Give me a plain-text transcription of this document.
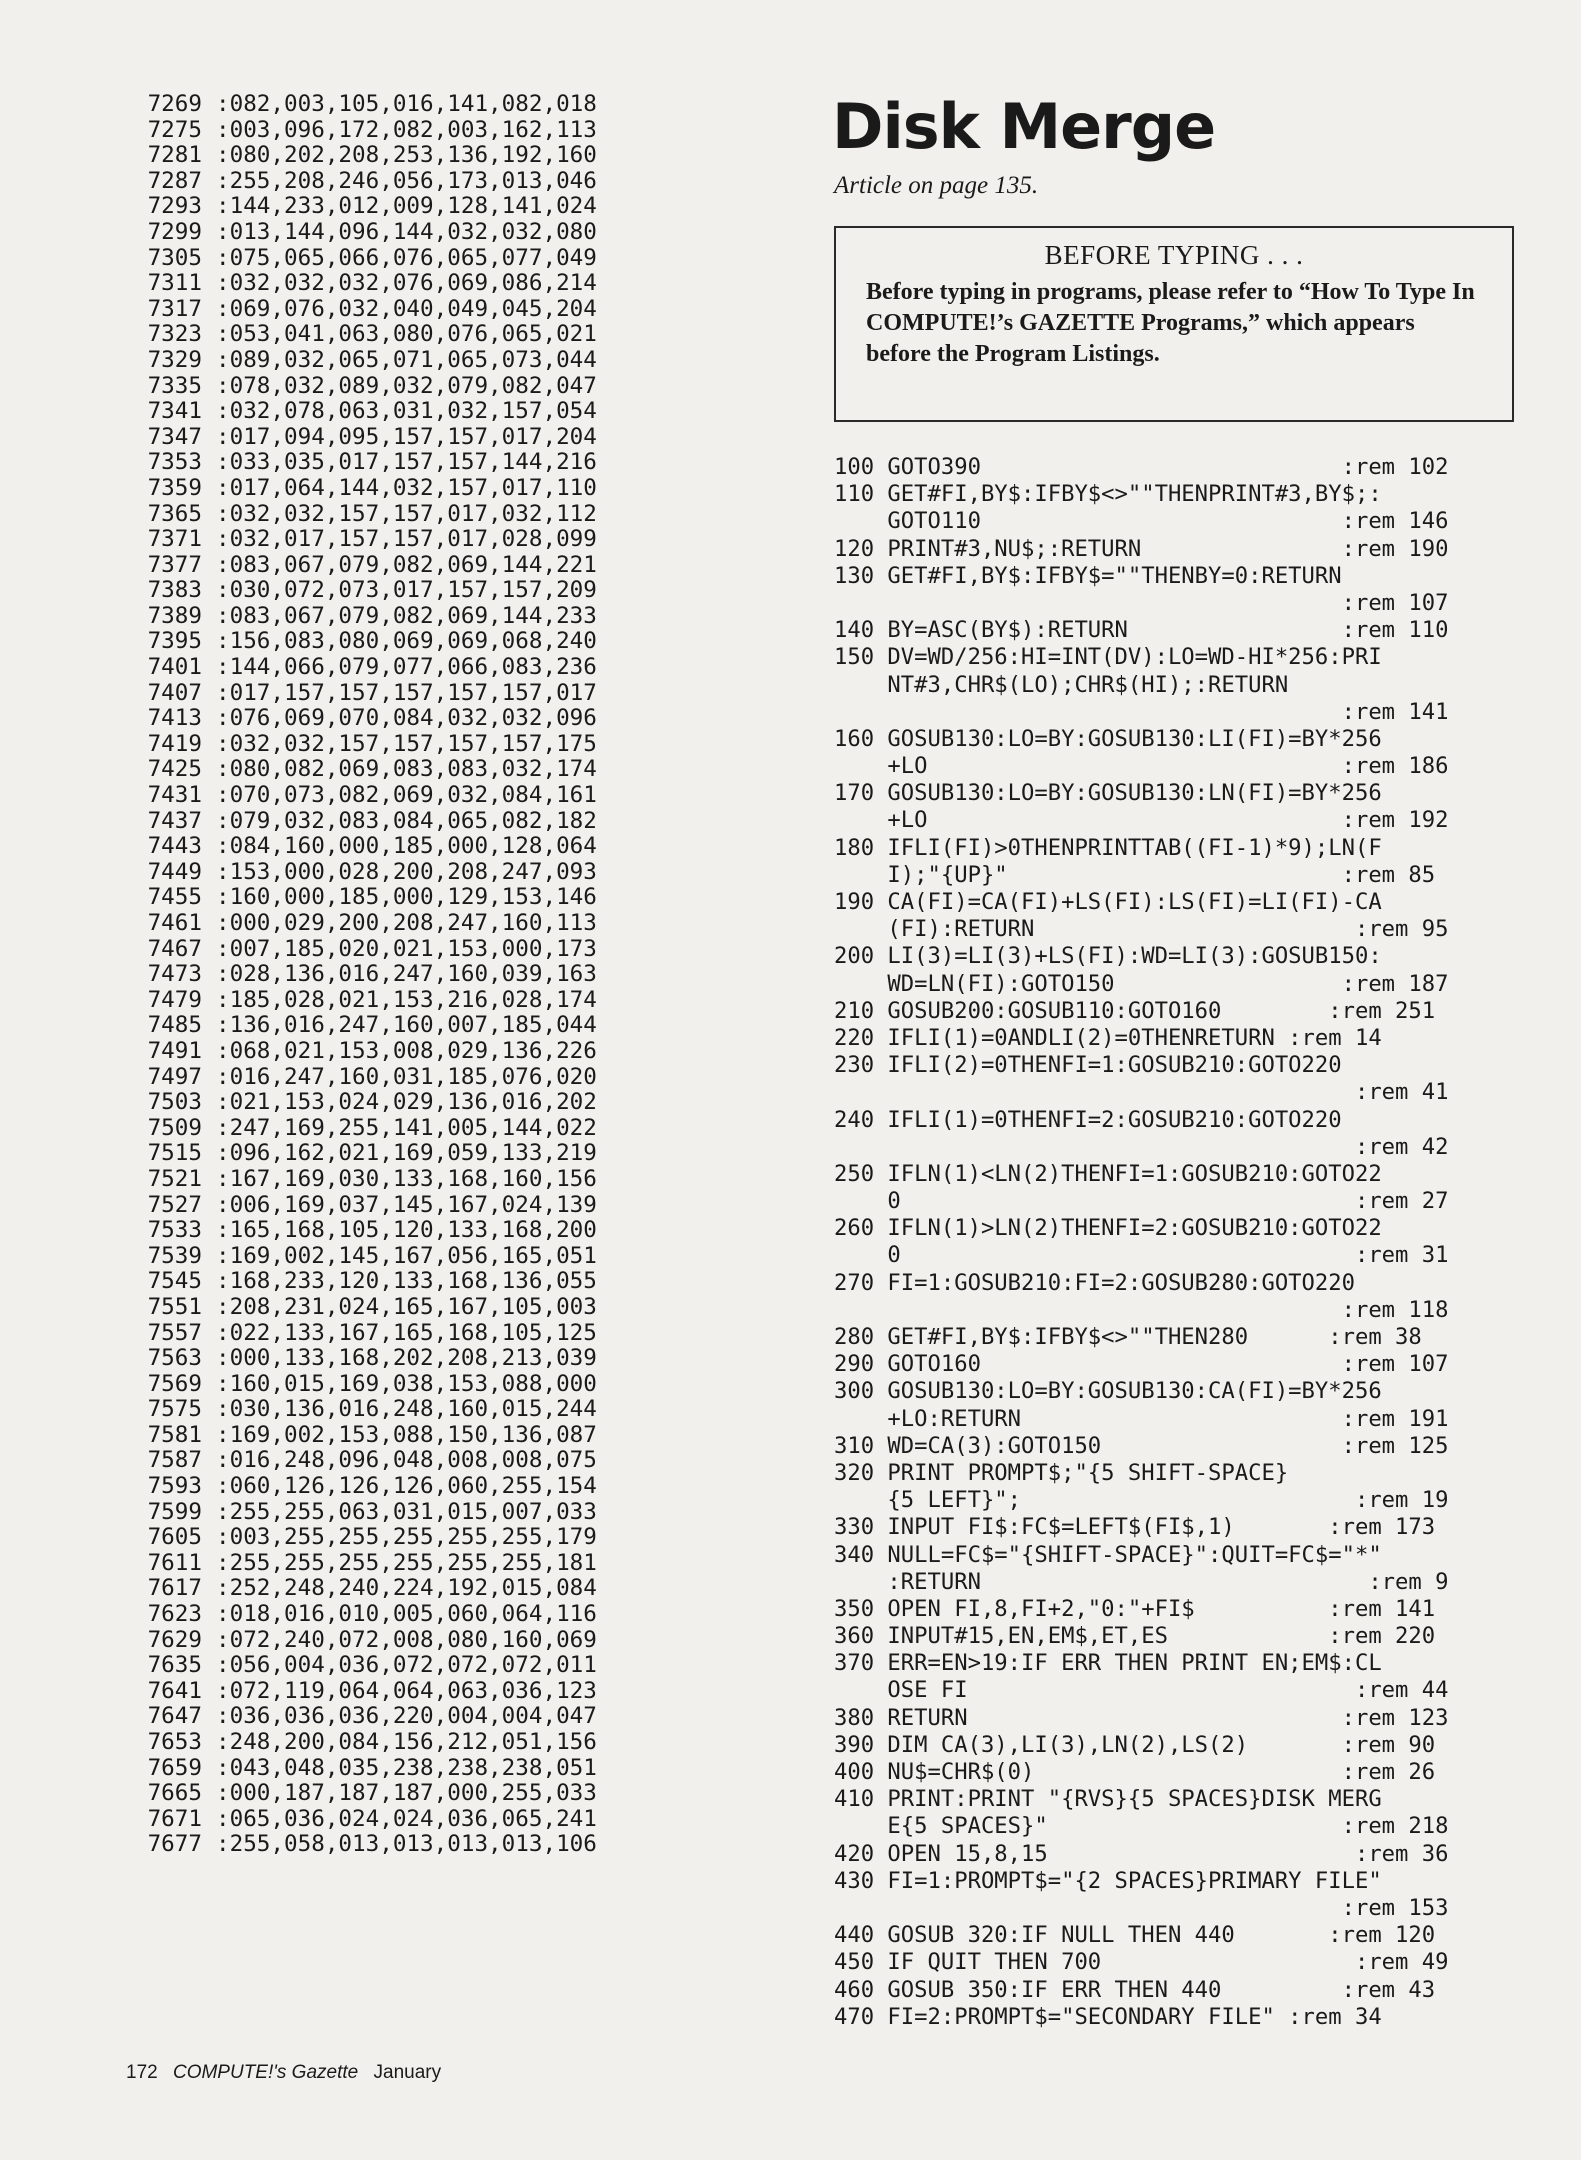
7269 :082,003,105,016,141,082,018
7275 :003,096,172,082,003,162,113
7281 :080,202,208,253,136,192,160
7287 :255,208,246,056,173,013,046
7293 :144,233,012,009,128,141,024
7299 :013,144,096,144,032,032,080
7305 :075,065,066,076,065,077,049
7311 :032,032,032,076,069,086,214
7317 :069,076,032,040,049,045,204
7323 :053,041,063,080,076,065,021
7329 :089,032,065,071,065,073,044
7335 :078,032,089,032,079,082,047
7341 :032,078,063,031,032,157,054
7347 :017,094,095,157,157,017,204
7353 :033,035,017,157,157,144,216
7359 :017,064,144,032,157,017,110
7365 :032,032,157,157,017,032,112
7371 :032,017,157,157,017,028,099
7377 :083,067,079,082,069,144,221
7383 :030,072,073,017,157,157,209
7389 :083,067,079,082,069,144,233
7395 :156,083,080,069,069,068,240
7401 :144,066,079,077,066,083,236
7407 :017,157,157,157,157,157,017
7413 :076,069,070,084,032,032,096
7419 :032,032,157,157,157,157,175
7425 :080,082,069,083,083,032,174
7431 :070,073,082,069,032,084,161
7437 :079,032,083,084,065,082,182
7443 :084,160,000,185,000,128,064
7449 :153,000,028,200,208,247,093
7455 :160,000,185,000,129,153,146
7461 :000,029,200,208,247,160,113
7467 :007,185,020,021,153,000,173
7473 :028,136,016,247,160,039,163
7479 :185,028,021,153,216,028,174
7485 :136,016,247,160,007,185,044
7491 :068,021,153,008,029,136,226
7497 :016,247,160,031,185,076,020
7503 :021,153,024,029,136,016,202
7509 :247,169,255,141,005,144,022
7515 :096,162,021,169,059,133,219
7521 :167,169,030,133,168,160,156
7527 :006,169,037,145,167,024,139
7533 :165,168,105,120,133,168,200
7539 :169,002,145,167,056,165,051
7545 :168,233,120,133,168,136,055
7551 :208,231,024,165,167,105,003
7557 :022,133,167,165,168,105,125
7563 :000,133,168,202,208,213,039
7569 :160,015,169,038,153,088,000
7575 :030,136,016,248,160,015,244
7581 :169,002,153,088,150,136,087
7587 :016,248,096,048,008,008,075
7593 :060,126,126,126,060,255,154
7599 :255,255,063,031,015,007,033
7605 :003,255,255,255,255,255,179
7611 :255,255,255,255,255,255,181
7617 :252,248,240,224,192,015,084
7623 :018,016,010,005,060,064,116
7629 :072,240,072,008,080,160,069
7635 :056,004,036,072,072,072,011
7641 :072,119,064,064,063,036,123
7647 :036,036,036,220,004,004,047
7653 :248,200,084,156,212,051,156
7659 :043,048,035,238,238,238,051
7665 :000,187,187,187,000,255,033
7671 :065,036,024,024,036,065,241
7677 :255,058,013,013,013,013,106
Disk Merge
Article on page 135.
BEFORE TYPING . . .
Before typing in programs, please refer to “How To Type In COMPUTE!’s GAZETTE Programs,” which appears before the Program Listings.
100 GOTO390                           :rem 102
110 GET#FI,BY$:IFBY$<>""THENPRINT#3,BY$;:
GOTO110                           :rem 146
120 PRINT#3,NU$;:RETURN               :rem 190
130 GET#FI,BY$:IFBY$=""THENBY=0:RETURN
:rem 107
140 BY=ASC(BY$):RETURN                :rem 110
150 DV=WD/256:HI=INT(DV):LO=WD-HI*256:PRI
NT#3,CHR$(LO);CHR$(HI);:RETURN
:rem 141
160 GOSUB130:LO=BY:GOSUB130:LI(FI)=BY*256
+LO                               :rem 186
170 GOSUB130:LO=BY:GOSUB130:LN(FI)=BY*256
+LO                               :rem 192
180 IFLI(FI)>0THENPRINTTAB((FI-1)*9);LN(F
I);"{UP}"                         :rem 85
190 CA(FI)=CA(FI)+LS(FI):LS(FI)=LI(FI)-CA
(FI):RETURN                        :rem 95
200 LI(3)=LI(3)+LS(FI):WD=LI(3):GOSUB150:
WD=LN(FI):GOTO150                 :rem 187
210 GOSUB200:GOSUB110:GOTO160        :rem 251
220 IFLI(1)=0ANDLI(2)=0THENRETURN :rem 14
230 IFLI(2)=0THENFI=1:GOSUB210:GOTO220
:rem 41
240 IFLI(1)=0THENFI=2:GOSUB210:GOTO220
:rem 42
250 IFLN(1)<LN(2)THENFI=1:GOSUB210:GOTO22
0                                  :rem 27
260 IFLN(1)>LN(2)THENFI=2:GOSUB210:GOTO22
0                                  :rem 31
270 FI=1:GOSUB210:FI=2:GOSUB280:GOTO220
:rem 118
280 GET#FI,BY$:IFBY$<>""THEN280      :rem 38
290 GOTO160                           :rem 107
300 GOSUB130:LO=BY:GOSUB130:CA(FI)=BY*256
+LO:RETURN                        :rem 191
310 WD=CA(3):GOTO150                  :rem 125
320 PRINT PROMPT$;"{5 SHIFT-SPACE}
{5 LEFT}";                         :rem 19
330 INPUT FI$:FC$=LEFT$(FI$,1)       :rem 173
340 NULL=FC$="{SHIFT-SPACE}":QUIT=FC$="*"
:RETURN                             :rem 9
350 OPEN FI,8,FI+2,"0:"+FI$          :rem 141
360 INPUT#15,EN,EM$,ET,ES            :rem 220
370 ERR=EN>19:IF ERR THEN PRINT EN;EM$:CL
OSE FI                             :rem 44
380 RETURN                            :rem 123
390 DIM CA(3),LI(3),LN(2),LS(2)       :rem 90
400 NU$=CHR$(0)                       :rem 26
410 PRINT:PRINT "{RVS}{5 SPACES}DISK MERG
E{5 SPACES}"                      :rem 218
420 OPEN 15,8,15                       :rem 36
430 FI=1:PROMPT$="{2 SPACES}PRIMARY FILE"
:rem 153
440 GOSUB 320:IF NULL THEN 440       :rem 120
450 IF QUIT THEN 700                   :rem 49
460 GOSUB 350:IF ERR THEN 440         :rem 43
470 FI=2:PROMPT$="SECONDARY FILE" :rem 34
172 COMPUTE!'s Gazette January
